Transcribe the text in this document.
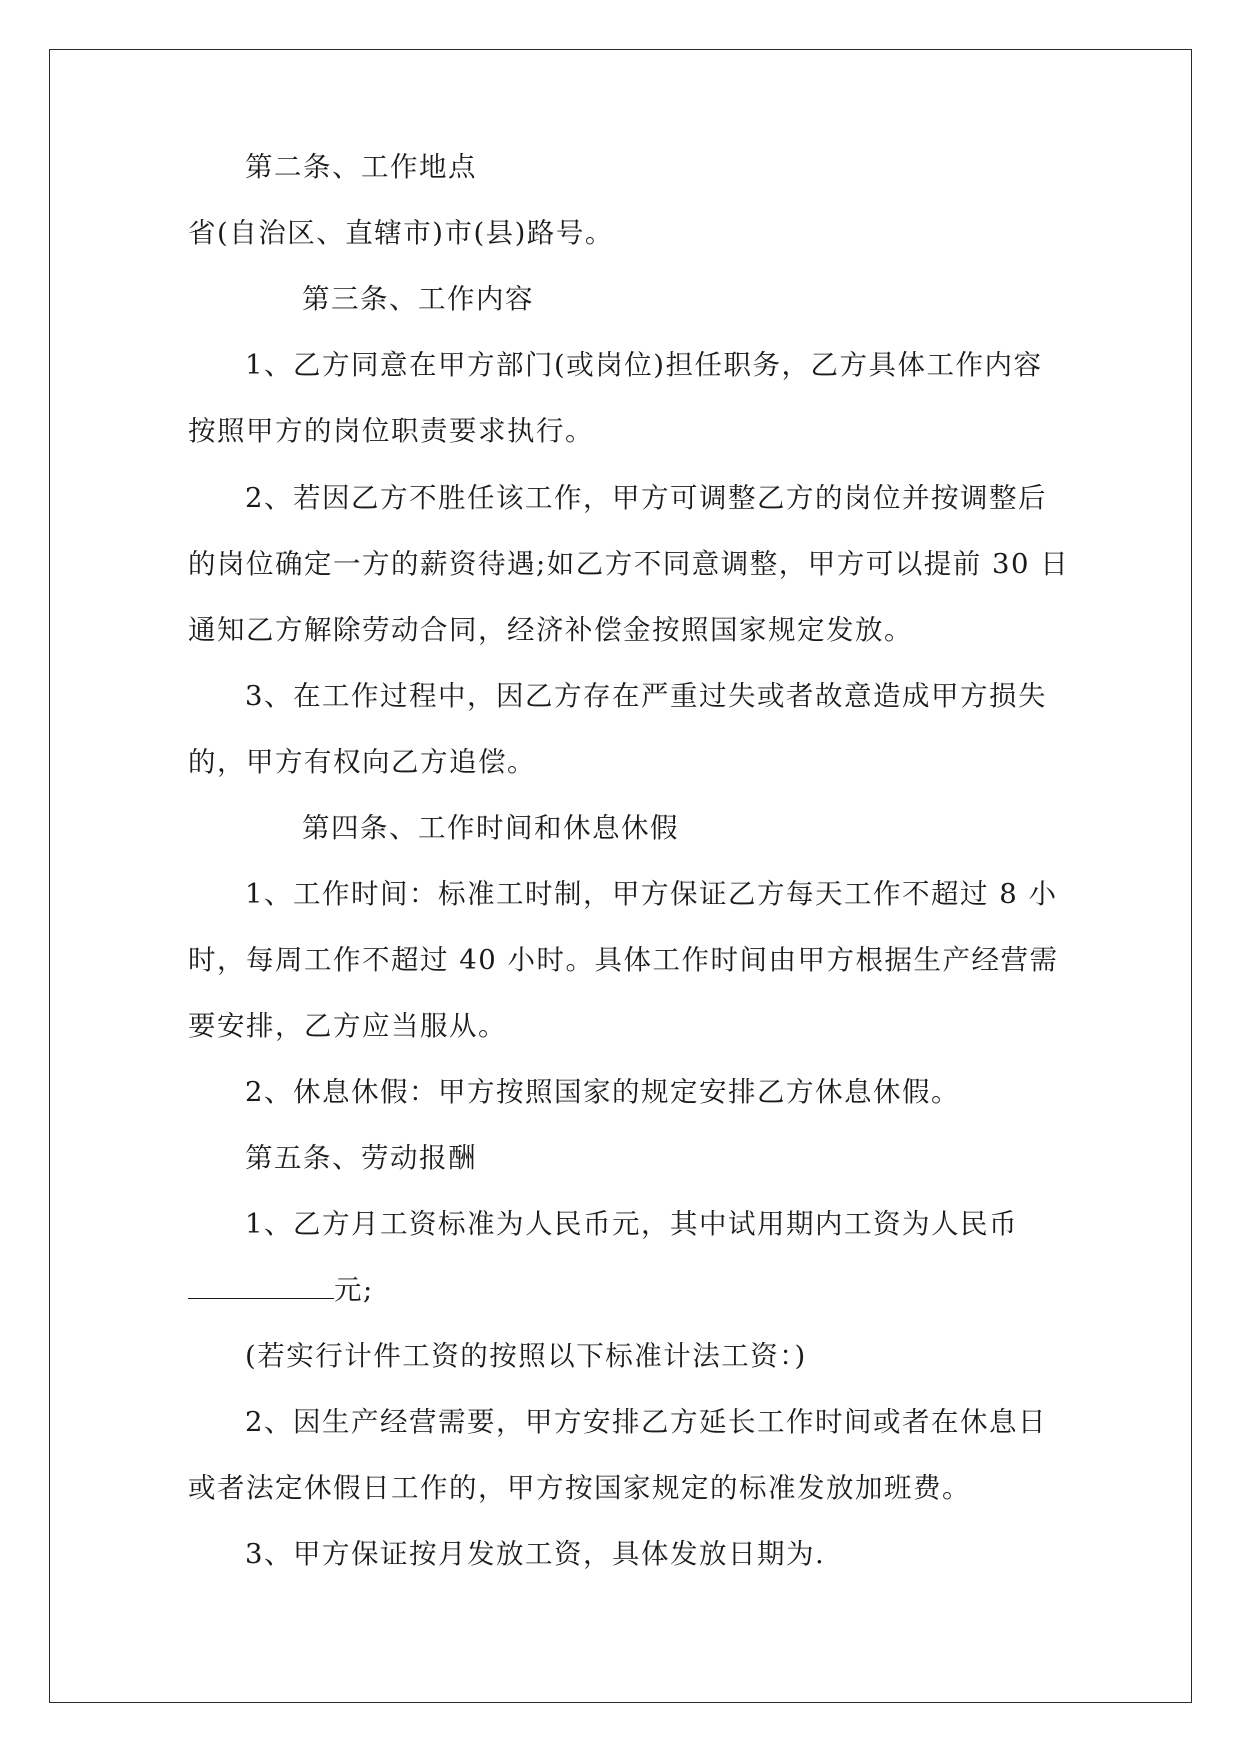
第二条、工作地点
省(自治区、直辖市)市(县)路号。
第三条、工作内容
1、乙方同意在甲方部门(或岗位)担任职务，乙方具体工作内容
按照甲方的岗位职责要求执行。
2、若因乙方不胜任该工作，甲方可调整乙方的岗位并按调整后
的岗位确定一方的薪资待遇;如乙方不同意调整，甲方可以提前 30 日
通知乙方解除劳动合同，经济补偿金按照国家规定发放。
3、在工作过程中，因乙方存在严重过失或者故意造成甲方损失
的，甲方有权向乙方追偿。
第四条、工作时间和休息休假
1、工作时间：标准工时制，甲方保证乙方每天工作不超过 8 小
时，每周工作不超过 40 小时。具体工作时间由甲方根据生产经营需
要安排，乙方应当服从。
2、休息休假：甲方按照国家的规定安排乙方休息休假。
第五条、劳动报酬
1、乙方月工资标准为人民币元，其中试用期内工资为人民币
元;
(若实行计件工资的按照以下标准计法工资：)
2、因生产经营需要，甲方安排乙方延长工作时间或者在休息日
或者法定休假日工作的，甲方按国家规定的标准发放加班费。
3、甲方保证按月发放工资，具体发放日期为.
